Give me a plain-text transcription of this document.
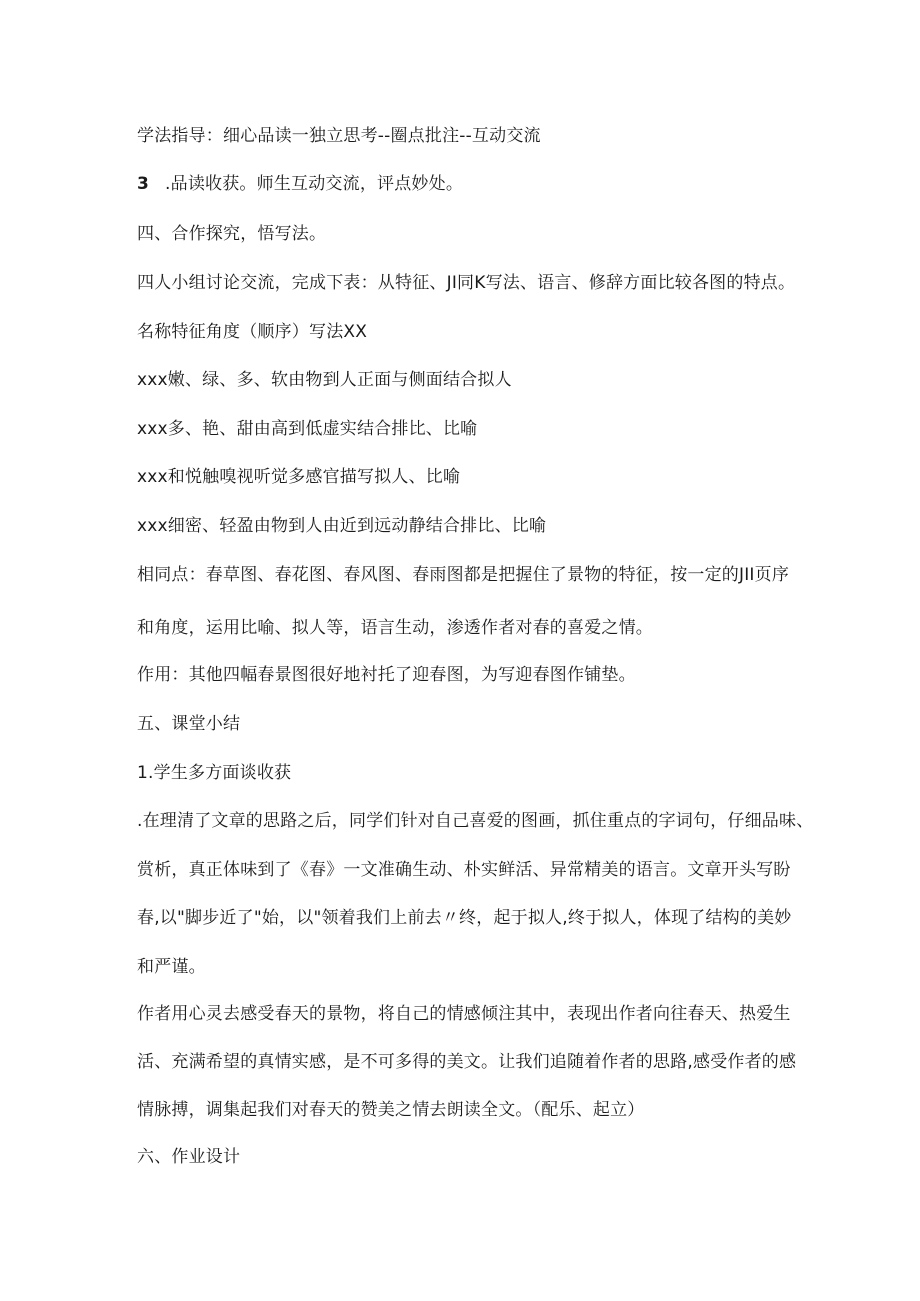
学法指导：细心品读一独立思考--圈点批注--互动交流
3 .品读收获。师生互动交流，评点妙处。
四、合作探究，悟写法。
四人小组讨论交流，完成下表：从特征、JI同K写法、语言、修辞方面比较各图的特点。
名称特征角度（顺序）写法XX
xxx嫩、绿、多、软由物到人正面与侧面结合拟人
xxx多、艳、甜由高到低虚实结合排比、比喻
xxx和悦触嗅视听觉多感官描写拟人、比喻
xxx细密、轻盈由物到人由近到远动静结合排比、比喻
相同点：春草图、春花图、春风图、春雨图都是把握住了景物的特征，按一定的JII页序
和角度，运用比喻、拟人等，语言生动，渗透作者对春的喜爱之情。
作用：其他四幅春景图很好地衬托了迎春图，为写迎春图作铺垫。
五、课堂小结
1.学生多方面谈收获
.在理清了文章的思路之后，同学们针对自己喜爱的图画，抓住重点的字词句，仔细品味、
赏析，真正体味到了《春》一文准确生动、朴实鲜活、异常精美的语言。文章开头写盼
春,以"脚步近了"始，以"领着我们上前去〃终，起于拟人,终于拟人，体现了结构的美妙
和严谨。
作者用心灵去感受春天的景物，将自己的情感倾注其中，表现出作者向往春天、热爱生
活、充满希望的真情实感，是不可多得的美文。让我们追随着作者的思路,感受作者的感
情脉搏，调集起我们对春天的赞美之情去朗读全文。（配乐、起立）
六、作业设计
